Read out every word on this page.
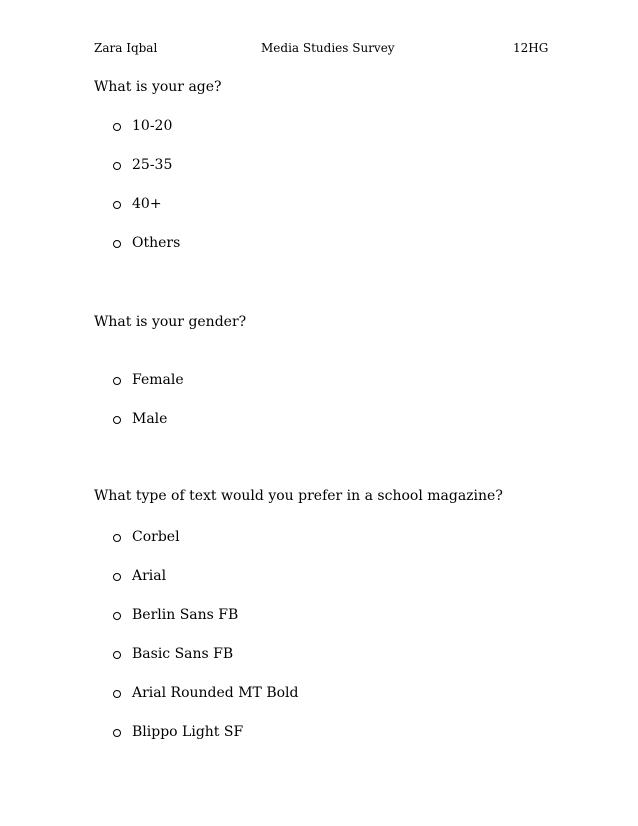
Zara Iqbal	Media Studies Survey	12HG
What is your age?
10-20
25-35
40+
Others
What is your gender?
Female
Male
What type of text would you prefer in a school magazine?
Corbel
Arial
Berlin Sans FB
Basic Sans FB
Arial Rounded MT Bold
Blippo Light SF
